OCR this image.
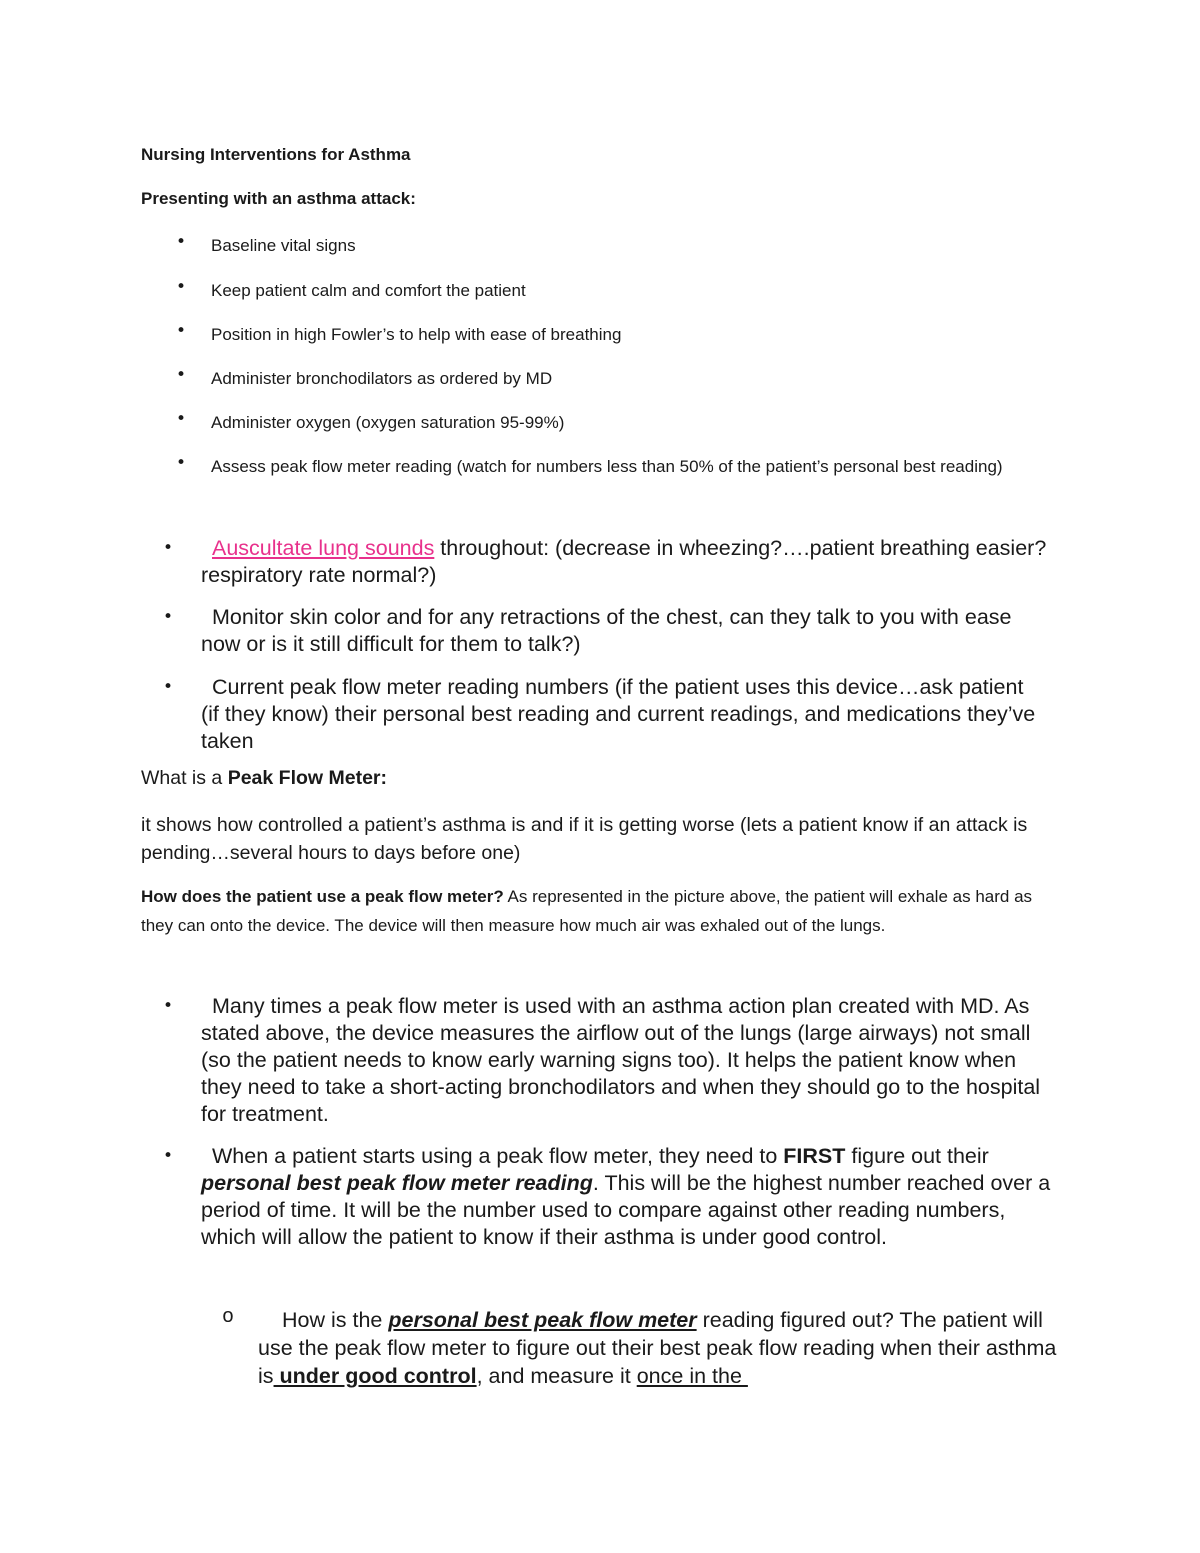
Nursing Interventions for Asthma

Presenting with an asthma attack:

• Baseline vital signs
• Keep patient calm and comfort the patient
• Position in high Fowler’s to help with ease of breathing
• Administer bronchodilators as ordered by MD
• Administer oxygen (oxygen saturation 95-99%)
• Assess peak flow meter reading (watch for numbers less than 50% of the patient’s personal best reading)
•	Auscultate lung sounds throughout: (decrease in wheezing?….patient breathing easier? respiratory rate normal?)
•	Monitor skin color and for any retractions of the chest, can they talk to you with ease now or is it still difficult for them to talk?)
•	Current peak flow meter reading numbers (if the patient uses this device…ask patient (if they know) their personal best reading and current readings, and medications they’ve taken

What is a Peak Flow Meter:

it shows how controlled a patient’s asthma is and if it is getting worse (lets a patient know if an attack is pending…several hours to days before one)

How does the patient use a peak flow meter? As represented in the picture above, the patient will exhale as hard as they can onto the device. The device will then measure how much air was exhaled out of the lungs.

•	Many times a peak flow meter is used with an asthma action plan created with MD. As stated above, the device measures the airflow out of the lungs (large airways) not small (so the patient needs to know early warning signs too). It helps the patient know when they need to take a short-acting bronchodilators and when they should go to the hospital for treatment.
•	When a patient starts using a peak flow meter, they need to FIRST figure out their personal best peak flow meter reading. This will be the highest number reached over a period of time. It will be the number used to compare against other reading numbers, which will allow the patient to know if their asthma is under good control.
o	How is the personal best peak flow meter reading figured out? The patient will use the peak flow meter to figure out their best peak flow reading when their asthma is under good control, and measure it once in the
